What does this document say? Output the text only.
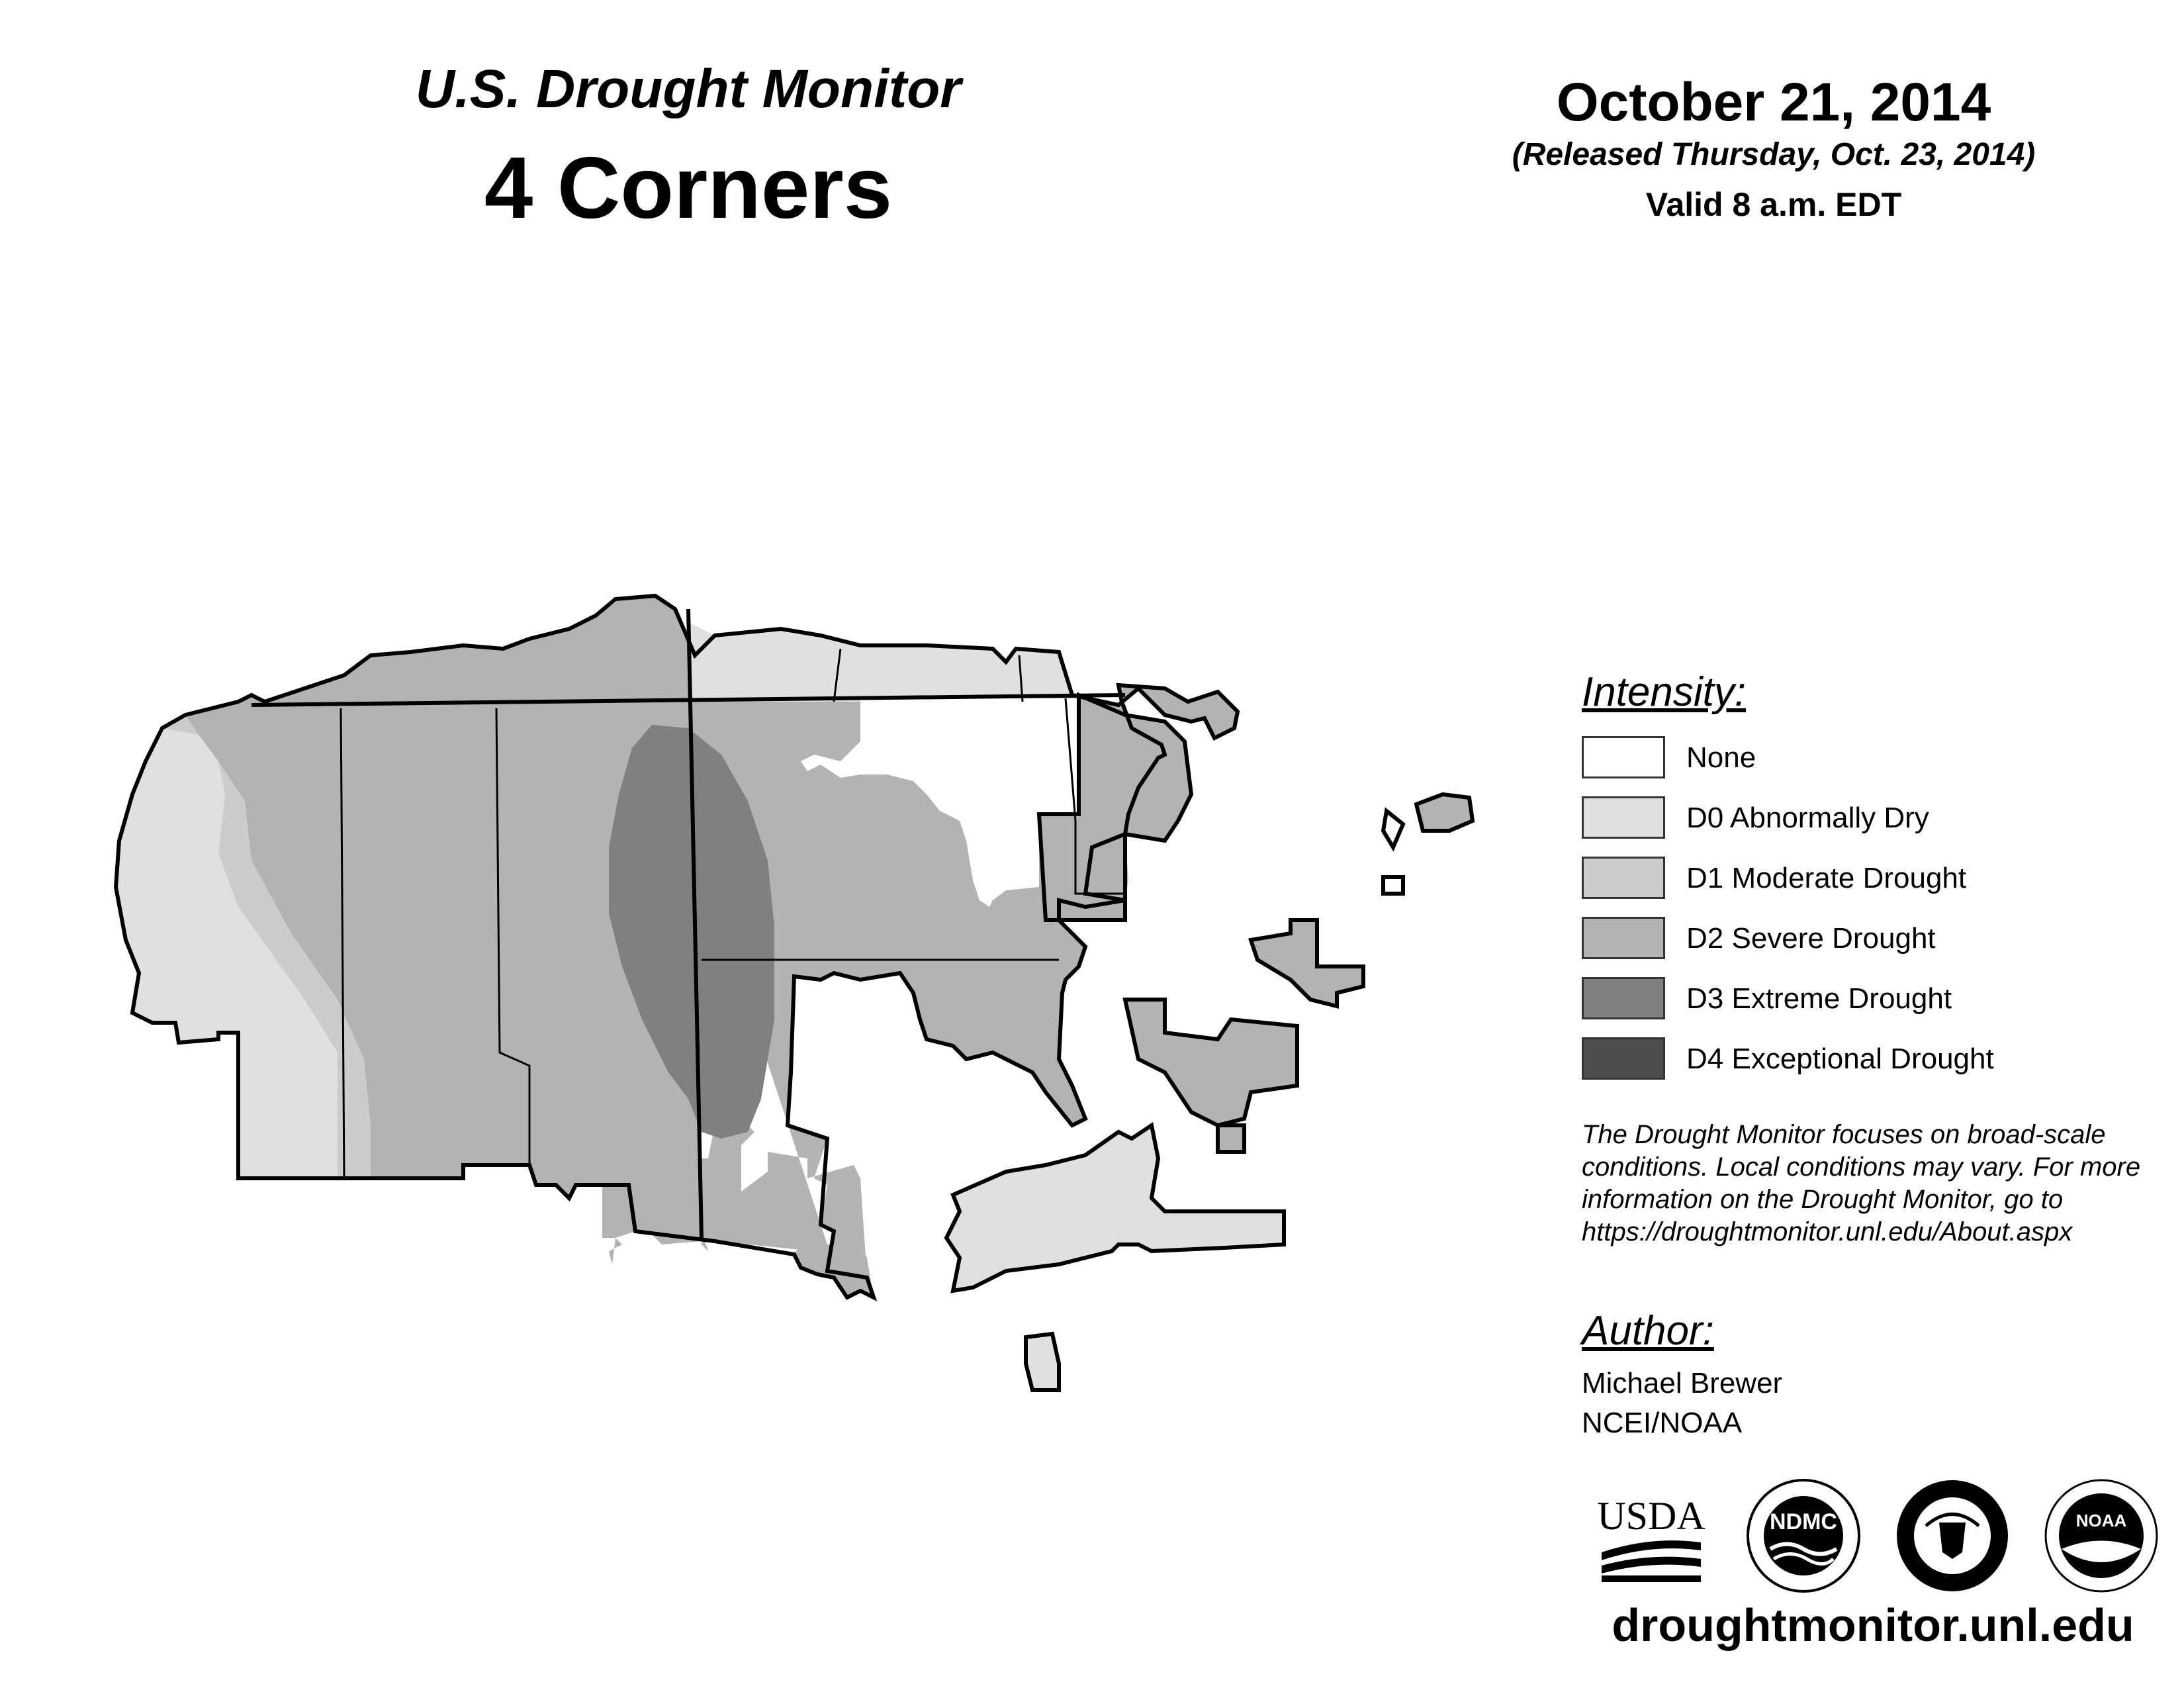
U.S. Drought Monitor
4 Corners
October 21, 2014
(Released Thursday, Oct. 23, 2014)
Valid 8 a.m. EDT
Intensity:
None
D0 Abnormally Dry
D1 Moderate Drought
D2 Severe Drought
D3 Extreme Drought
D4 Exceptional Drought
The Drought Monitor focuses on broad-scale
conditions. Local conditions may vary. For more
information on the Drought Monitor, go to
https://droughtmonitor.unl.edu/About.aspx
Author:
Michael Brewer
NCEI/NOAA
USDA	NDMC	NOAA
droughtmonitor.unl.edu
